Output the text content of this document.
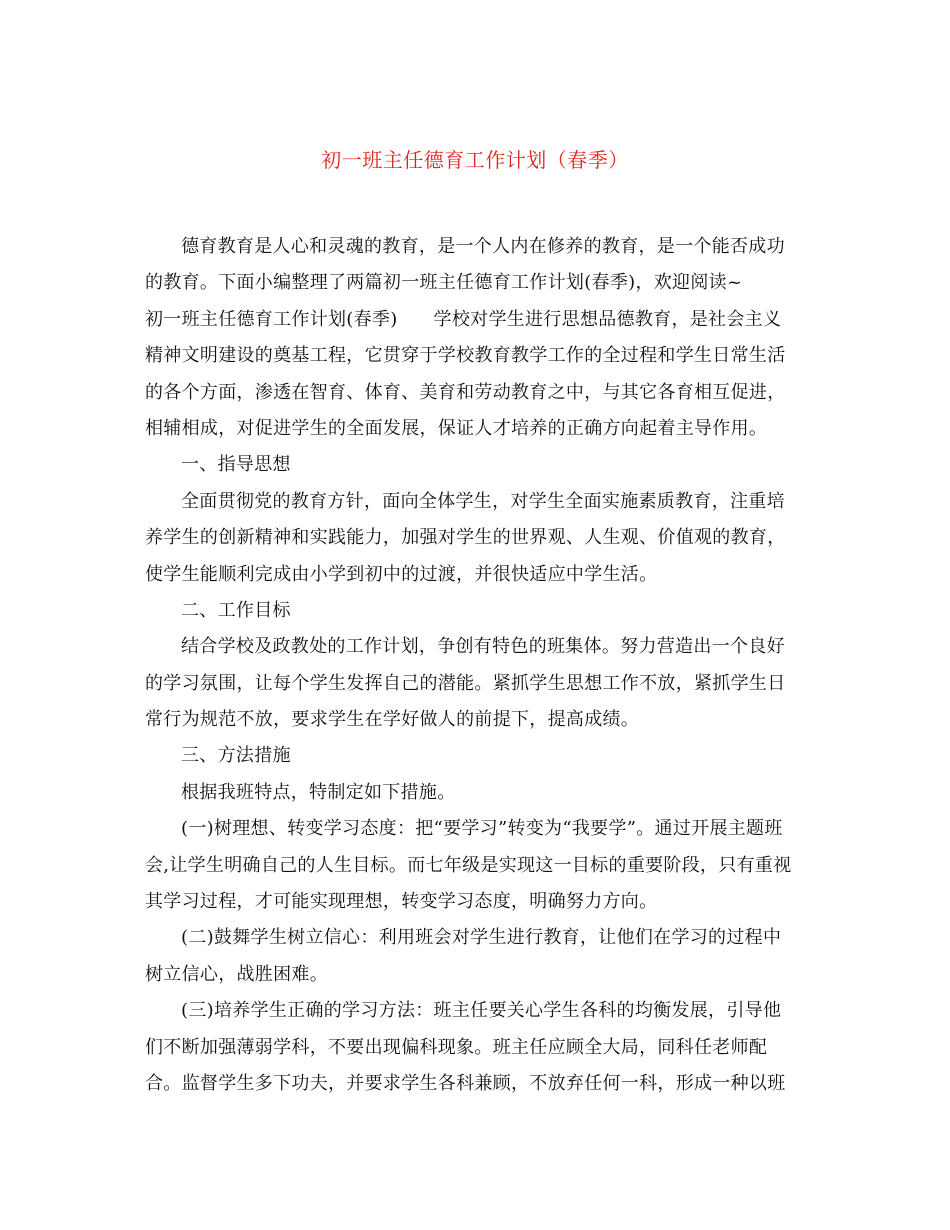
初一班主任德育工作计划（春季）
德育教育是人心和灵魂的教育，是一个人内在修养的教育，是一个能否成功
的教育。下面小编整理了两篇初一班主任德育工作计划(春季)，欢迎阅读~
初一班主任德育工作计划(春季) 学校对学生进行思想品德教育，是社会主义
精神文明建设的奠基工程，它贯穿于学校教育教学工作的全过程和学生日常生活
的各个方面，渗透在智育、体育、美育和劳动教育之中，与其它各育相互促进，
相辅相成，对促进学生的全面发展，保证人才培养的正确方向起着主导作用。
一、指导思想
全面贯彻党的教育方针，面向全体学生，对学生全面实施素质教育，注重培
养学生的创新精神和实践能力，加强对学生的世界观、人生观、价值观的教育，
使学生能顺利完成由小学到初中的过渡，并很快适应中学生活。
二、工作目标
结合学校及政教处的工作计划，争创有特色的班集体。努力营造出一个良好
的学习氛围，让每个学生发挥自己的潜能。紧抓学生思想工作不放，紧抓学生日
常行为规范不放，要求学生在学好做人的前提下，提高成绩。
三、方法措施
根据我班特点，特制定如下措施。
(一)树理想、转变学习态度：把“要学习”转变为“我要学”。通过开展主题班
会,让学生明确自己的人生目标。而七年级是实现这一目标的重要阶段，只有重视
其学习过程，才可能实现理想，转变学习态度，明确努力方向。
(二)鼓舞学生树立信心：利用班会对学生进行教育，让他们在学习的过程中
树立信心，战胜困难。
(三)培养学生正确的学习方法：班主任要关心学生各科的均衡发展，引导他
们不断加强薄弱学科，不要出现偏科现象。班主任应顾全大局，同科任老师配
合。监督学生多下功夫，并要求学生各科兼顾，不放弃任何一科，形成一种以班
